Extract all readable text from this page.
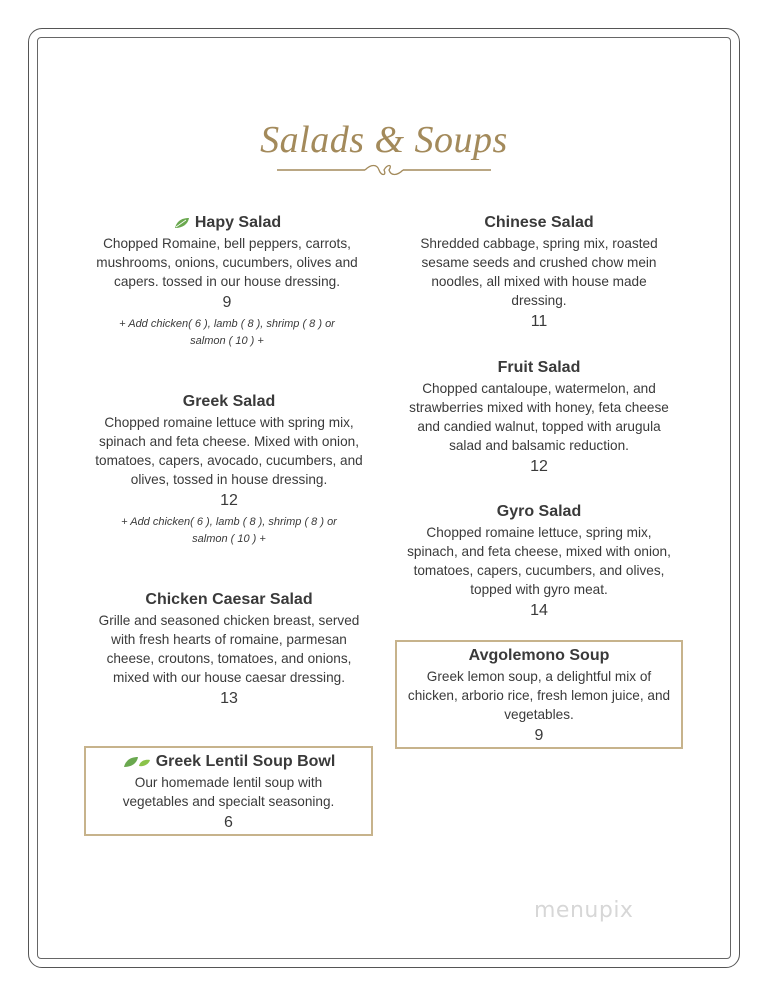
Salads & Soups
Hapy Salad
Chopped Romaine, bell peppers, carrots, mushrooms, onions, cucumbers, olives and capers. tossed in our house dressing.
9
+ Add chicken( 6 ), lamb ( 8 ), shrimp ( 8 ) or salmon ( 10 ) +
Greek Salad
Chopped romaine lettuce with spring mix, spinach and feta cheese. Mixed with onion, tomatoes, capers, avocado, cucumbers, and olives, tossed in house dressing.
12
+ Add chicken( 6 ), lamb ( 8 ), shrimp ( 8 ) or salmon ( 10 ) +
Chicken Caesar Salad
Grille and seasoned chicken breast, served with fresh hearts of romaine, parmesan cheese, croutons, tomatoes, and onions, mixed with our house caesar dressing.
13
Greek Lentil Soup Bowl
Our homemade lentil soup with vegetables and specialt seasoning.
6
Chinese Salad
Shredded cabbage, spring mix, roasted sesame seeds and crushed chow mein noodles, all mixed with house made dressing.
11
Fruit Salad
Chopped cantaloupe, watermelon, and strawberries mixed with honey, feta cheese and candied walnut, topped with arugula salad and balsamic reduction.
12
Gyro Salad
Chopped romaine lettuce, spring mix, spinach, and feta cheese, mixed with onion, tomatoes, capers, cucumbers, and olives, topped with gyro meat.
14
Avgolemono Soup
Greek lemon soup, a delightful mix of chicken, arborio rice, fresh lemon juice, and vegetables.
9
menupix
